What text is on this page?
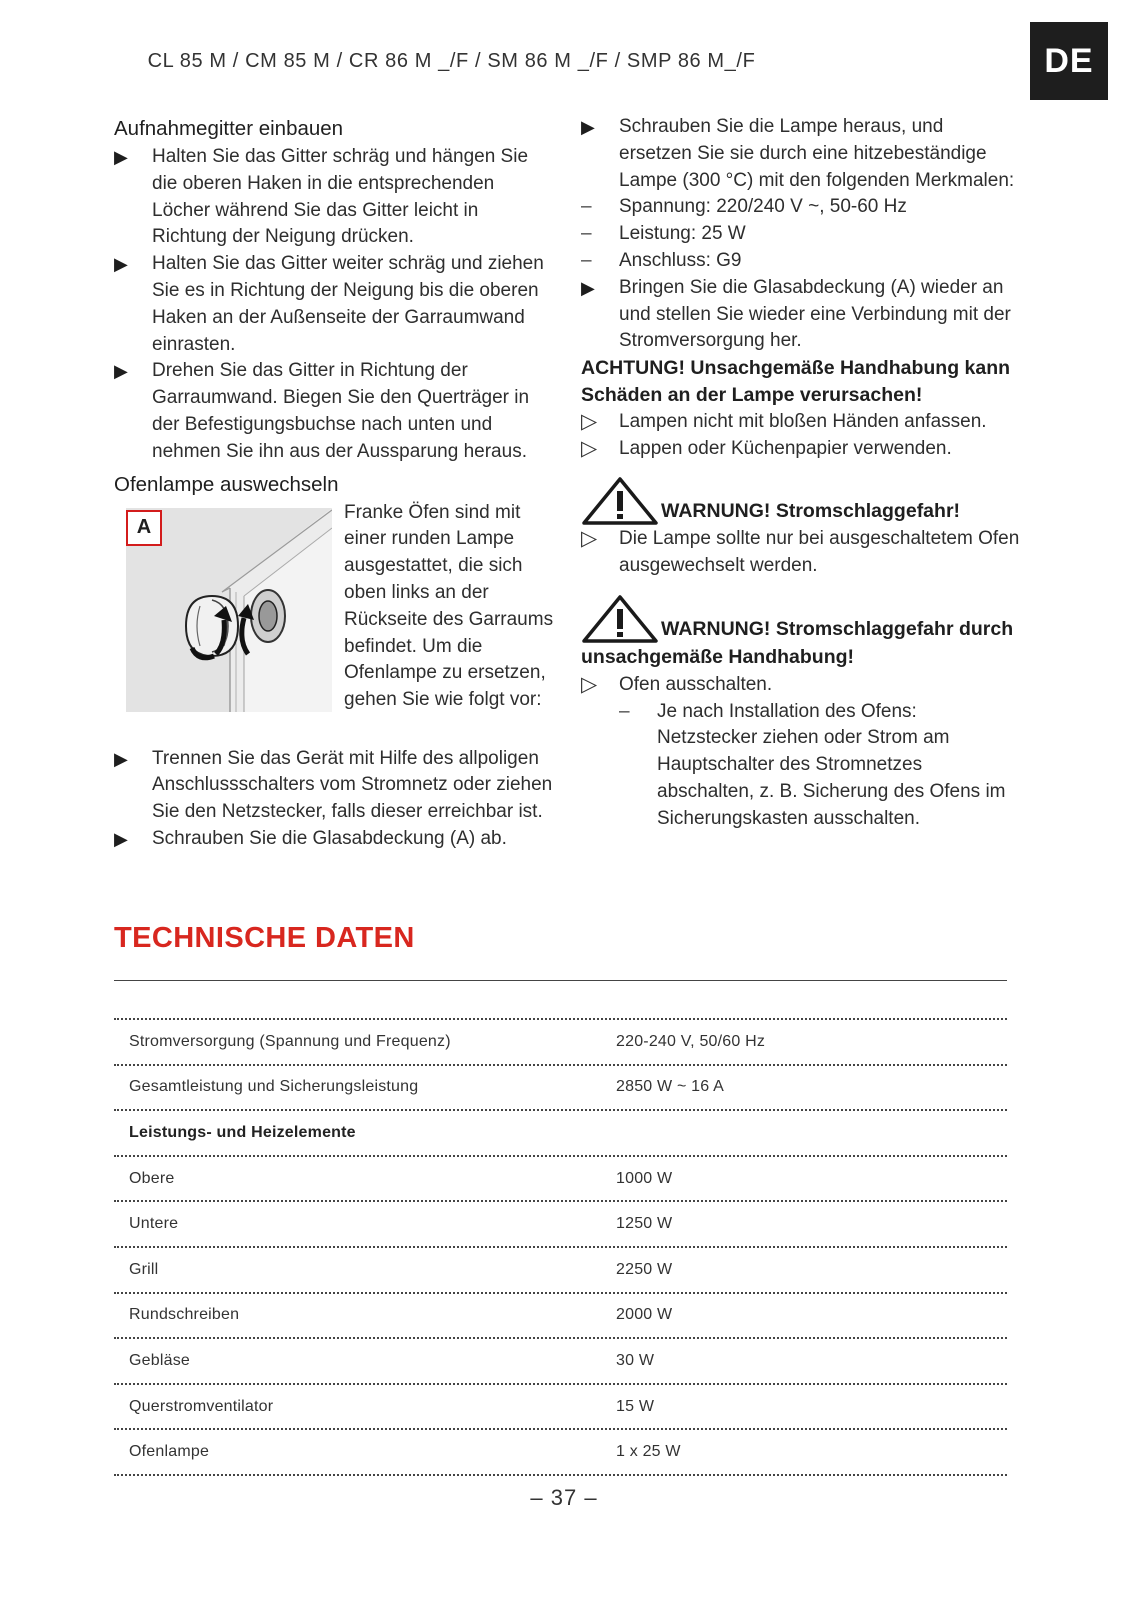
CL 85 M / CM 85 M / CR 86 M _/F / SM 86 M _/F / SMP 86 M_/F	DE
Aufnahmegitter einbauen
▶	Halten Sie das Gitter schräg und hängen Sie die oberen Haken in die entsprechenden Löcher während Sie das Gitter leicht in Richtung der Neigung drücken.
▶	Halten Sie das Gitter weiter schräg und ziehen Sie es in Richtung der Neigung bis die oberen Haken an der Außenseite der Garraumwand einrasten.
▶	Drehen Sie das Gitter in Richtung der Garraumwand. Biegen Sie den Querträger in der Befestigungsbuchse nach unten und nehmen Sie ihn aus der Aussparung heraus.
Ofenlampe auswechseln
A
Franke Öfen sind mit einer runden Lampe ausgestattet, die sich oben links an der Rückseite des Garraums befindet. Um die Ofenlampe zu ersetzen, gehen Sie wie folgt vor:
▶	Trennen Sie das Gerät mit Hilfe des allpoligen Anschlussschalters vom Stromnetz oder ziehen Sie den Netzstecker, falls dieser erreichbar ist.
▶	Schrauben Sie die Glasabdeckung (A) ab.
▶	Schrauben Sie die Lampe heraus, und ersetzen Sie sie durch eine hitzebeständige Lampe (300 °C) mit den folgenden Merkmalen:
–	Spannung: 220/240 V ~, 50-60 Hz
–	Leistung: 25 W
–	Anschluss: G9
▶	Bringen Sie die Glasabdeckung (A) wieder an und stellen Sie wieder eine Verbindung mit der Stromversorgung her.
ACHTUNG! Unsachgemäße Handhabung kann Schäden an der Lampe verursachen!
▷	Lampen nicht mit bloßen Händen anfassen.
▷	Lappen oder Küchenpapier verwenden.
WARNUNG! Stromschlaggefahr!
▷	Die Lampe sollte nur bei ausgeschaltetem Ofen ausgewechselt werden.
WARNUNG! Stromschlaggefahr durch unsachgemäße Handhabung!
▷	Ofen ausschalten.
–	Je nach Installation des Ofens: Netzstecker ziehen oder Strom am Hauptschalter des Stromnetzes abschalten, z. B. Sicherung des Ofens im Sicherungskasten ausschalten.
TECHNISCHE DATEN
Stromversorgung (Spannung und Frequenz)	220-240 V, 50/60 Hz
Gesamtleistung und Sicherungsleistung	2850 W ~ 16 A
Leistungs- und Heizelemente
Obere	1000 W
Untere	1250 W
Grill	2250 W
Rundschreiben	2000 W
Gebläse	30 W
Querstromventilator	15 W
Ofenlampe	1 x 25 W
– 37 –
